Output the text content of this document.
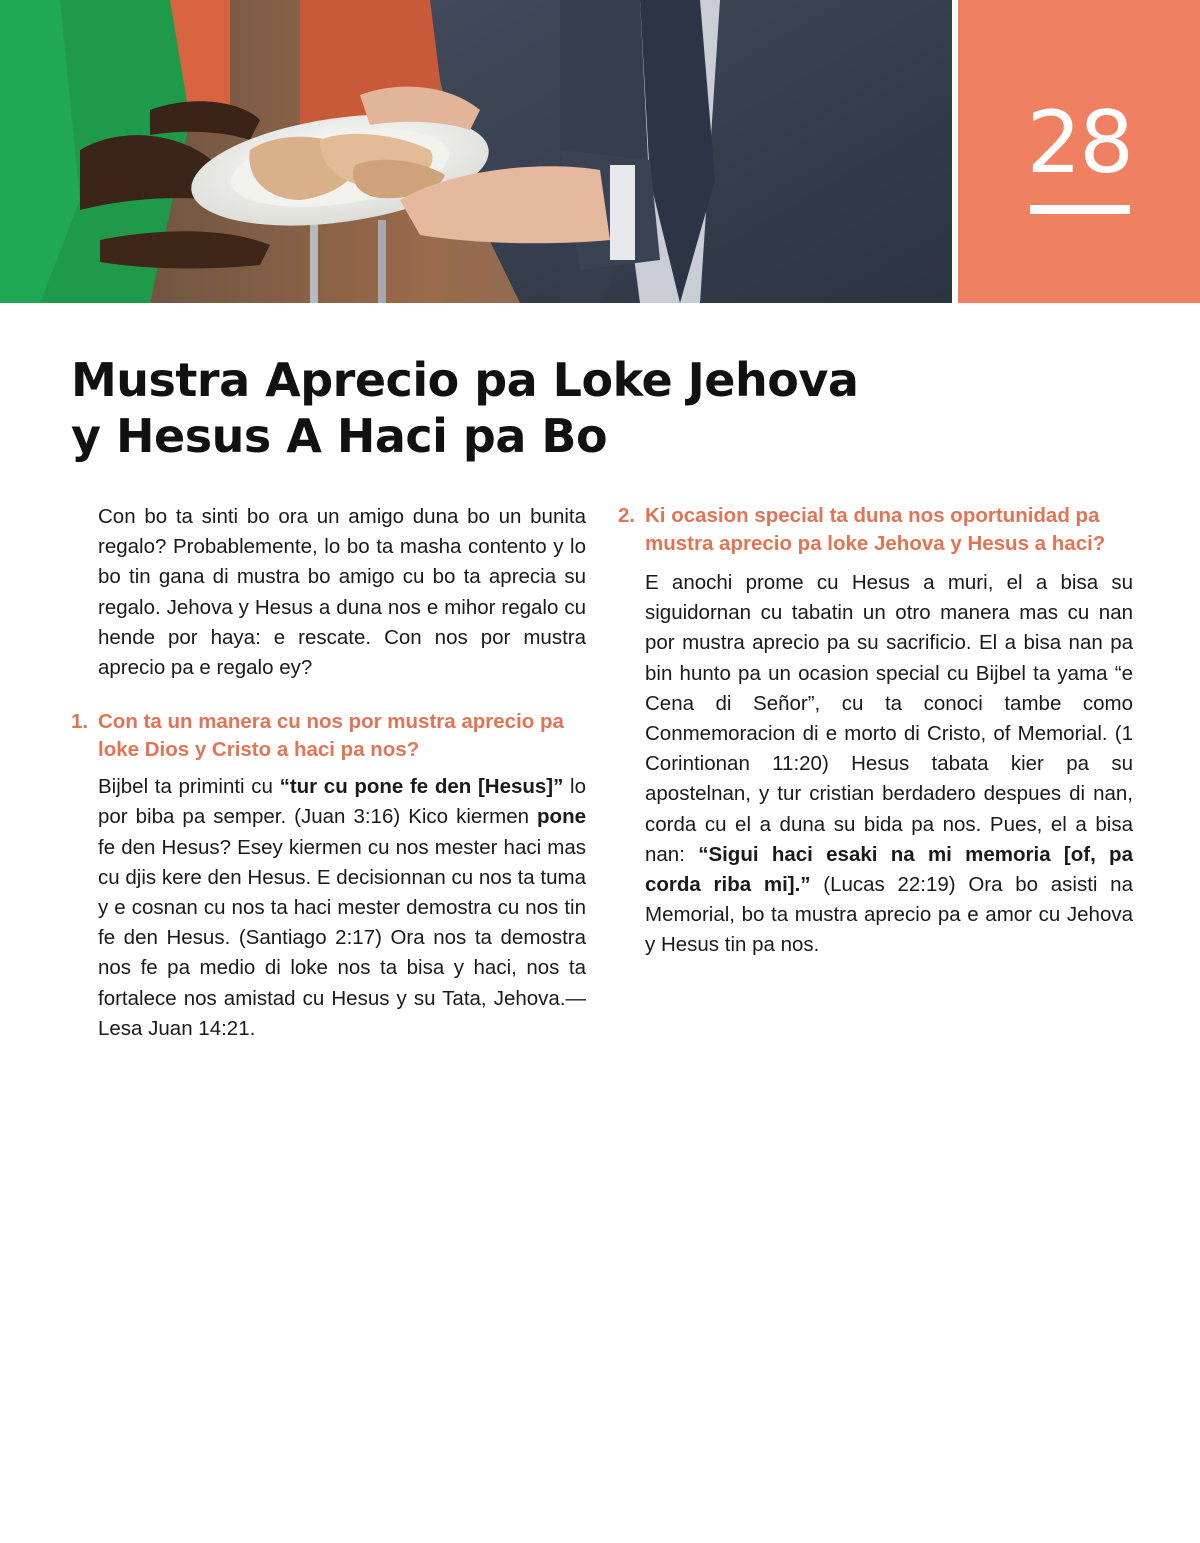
28
Mustra Aprecio pa Loke Jehova
y Hesus A Haci pa Bo

Con bo ta sinti bo ora un amigo duna bo un bunita regalo? Probablemente, lo bo ta masha contento y lo bo tin gana di mustra bo amigo cu bo ta aprecia su regalo. Jehova y Hesus a duna nos e mihor regalo cu hende por haya: e rescate. Con nos por mustra aprecio pa e regalo ey?

1. Con ta un manera cu nos por mustra aprecio pa loke Dios y Cristo a haci pa nos?

Bijbel ta priminti cu “tur cu pone fe den [Hesus]” lo por biba pa semper. (Juan 3:16) Kico kiermen pone fe den Hesus? Esey kiermen cu nos mester haci mas cu djis kere den Hesus. E decisionnan cu nos ta tuma y e cosnan cu nos ta haci mester demostra cu nos tin fe den Hesus. (Santiago 2:17) Ora nos ta demostra nos fe pa medio di loke nos ta bisa y haci, nos ta fortalece nos amistad cu Hesus y su Tata, Jehova.—Lesa Juan 14:21.

2. Ki ocasion special ta duna nos oportunidad pa mustra aprecio pa loke Jehova y Hesus a haci?

E anochi prome cu Hesus a muri, el a bisa su siguidornan cu tabatin un otro manera mas cu nan por mustra aprecio pa su sacrificio. El a bisa nan pa bin hunto pa un ocasion special cu Bijbel ta yama “e Cena di Señor”, cu ta conoci tambe como Conmemoracion di e morto di Cristo, of Memorial. (1 Corintionan 11:20) Hesus tabata kier pa su apostelnan, y tur cristian berdadero despues di nan, corda cu el a duna su bida pa nos. Pues, el a bisa nan: “Sigui haci esaki na mi memoria [of, pa corda riba mi].” (Lucas 22:19) Ora bo asisti na Memorial, bo ta mustra aprecio pa e amor cu Jehova y Hesus tin pa nos.
